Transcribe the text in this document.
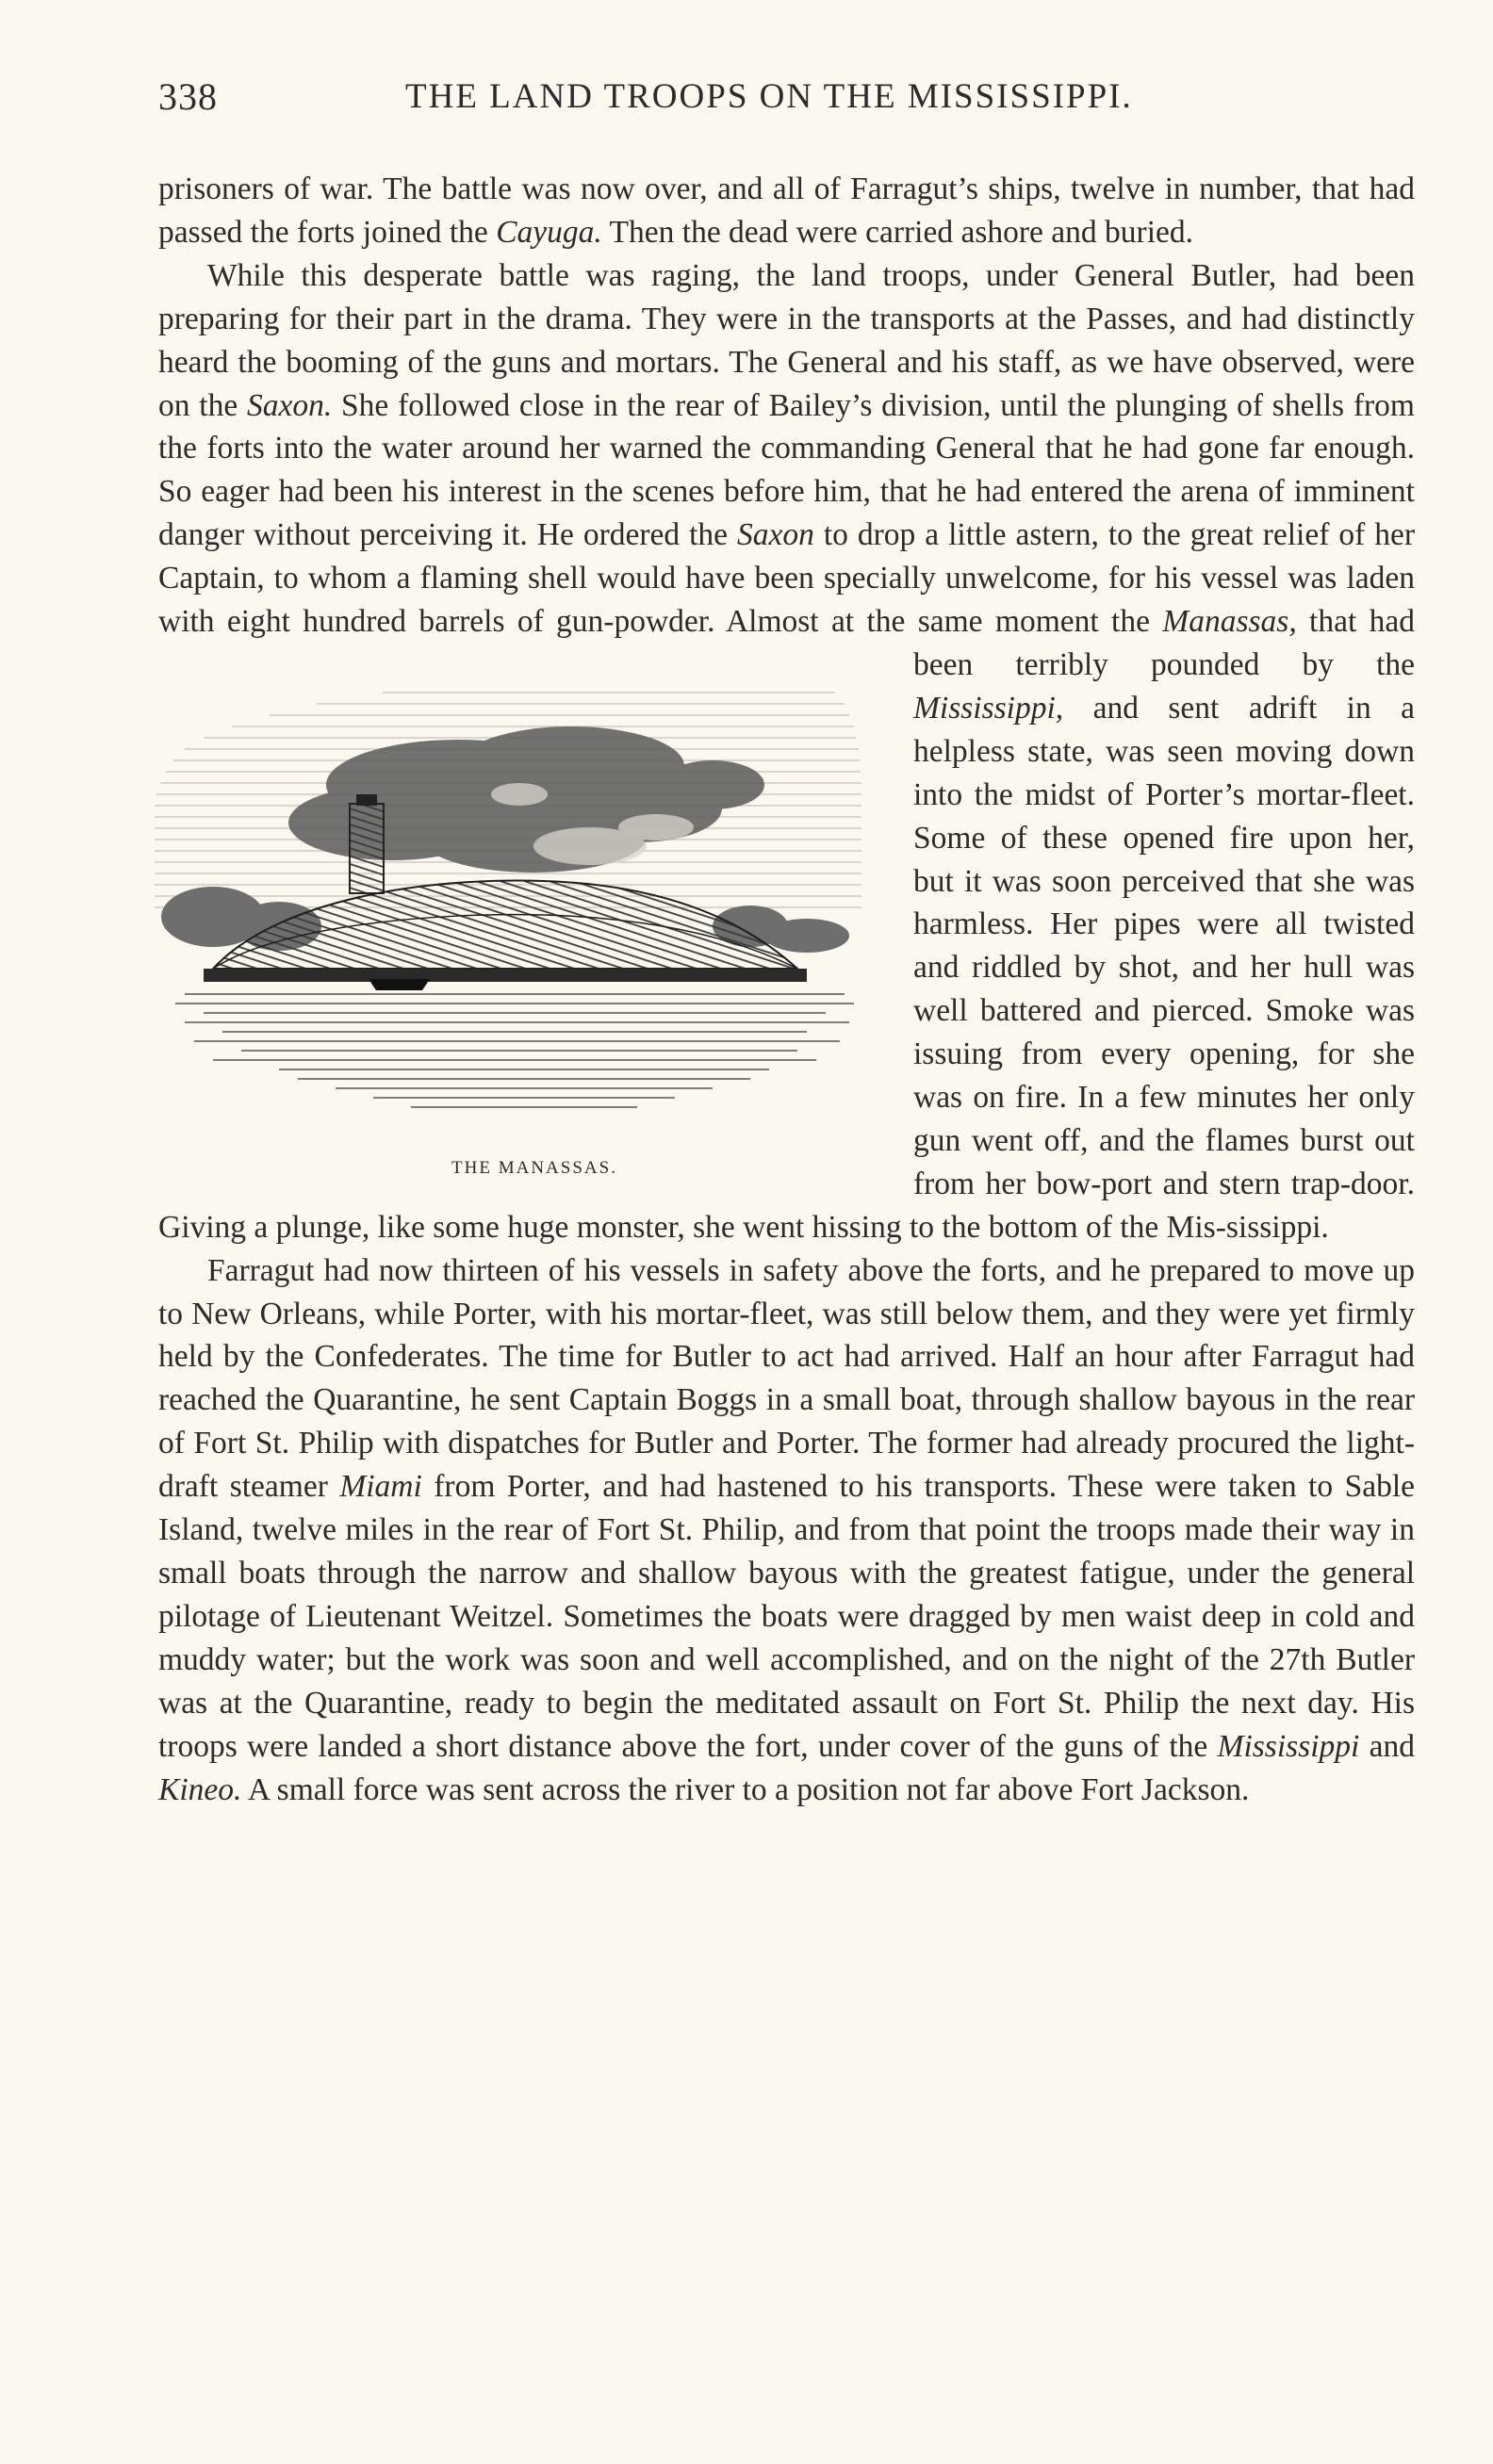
338	THE LAND TROOPS ON THE MISSISSIPPI.

prisoners of war. The battle was now over, and all of Farragut’s ships, twelve in number, that had passed the forts joined the Cayuga. Then the dead were carried ashore and buried.

While this desperate battle was raging, the land troops, under General Butler, had been preparing for their part in the drama. They were in the transports at the Passes, and had distinctly heard the booming of the guns and mortars. The General and his staff, as we have observed, were on the Saxon. She followed close in the rear of Bailey’s division, until the plunging of shells from the forts into the water around her warned the commanding General that he had gone far enough. So eager had been his interest in the scenes before him, that he had entered the arena of imminent danger without perceiving it. He ordered the Saxon to drop a little astern, to the great relief of her Captain, to whom a flaming shell would have been specially unwelcome, for his vessel was laden with eight hundred barrels of gun-powder. Almost at the same moment the Manassas,
THE MANASSAS.
that had been terribly pounded by the Mississippi, and sent adrift in a helpless state, was seen moving down into the midst of Porter’s mortar-fleet. Some of these opened fire upon her, but it was soon perceived that she was harmless. Her pipes were all twisted and riddled by shot, and her hull was well battered and pierced. Smoke was issuing from every opening, for she was on fire. In a few minutes her only gun went off, and the flames burst out from her bow-port and stern trap-door. Giving a plunge, like some huge monster, she went hissing to the bottom of the Mis-sissippi.

Farragut had now thirteen of his vessels in safety above the forts, and he prepared to move up to New Orleans, while Porter, with his mortar-fleet, was still below them, and they were yet firmly held by the Confederates. The time for Butler to act had arrived. Half an hour after Farragut had reached the Quarantine, he sent Captain Boggs in a small boat, through shallow bayous in the rear of Fort St. Philip with dispatches for Butler and Porter. The former had already procured the light-draft steamer Miami from Porter, and had hastened to his transports. These were taken to Sable Island, twelve miles in the rear of Fort St. Philip, and from that point the troops made their way in small boats through the narrow and shallow bayous with the greatest fatigue, under the general pilotage of Lieutenant Weitzel. Sometimes the boats were dragged by men waist deep in cold and muddy water; but the work was soon and well accomplished, and on the night of the 27th Butler was at the Quarantine, ready to begin the meditated assault on Fort St. Philip the next day. His troops were landed a short distance above the fort, under cover of the guns of the Mississippi and Kineo. A small force was sent across the river to a position not far above Fort Jackson.
